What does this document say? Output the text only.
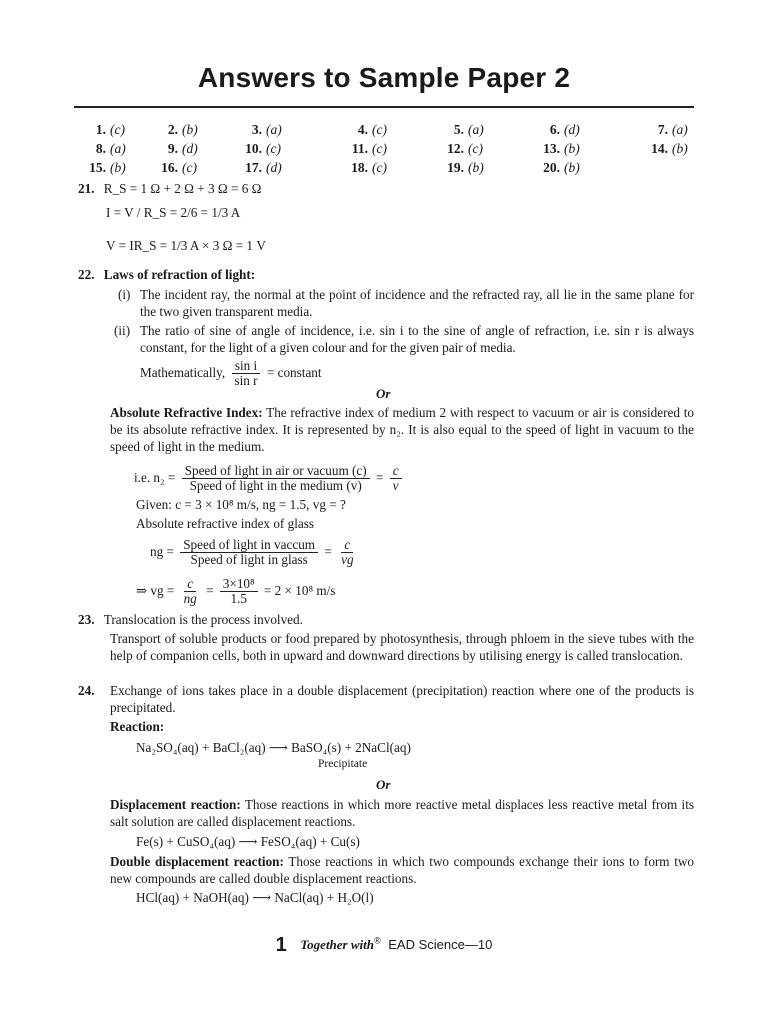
Answers to Sample Paper 2
1. (c)	2. (b)	3. (a)	4. (c)	5. (a)	6. (d)	7. (a)
8. (a)	9. (d)	10. (c)	11. (c)	12. (c)	13. (b)	14. (b)
15. (b)	16. (c)	17. (d)	18. (c)	19. (b)	20. (b)
21. R_S = 1 Ω + 2 Ω + 3 Ω = 6 Ω
I = V / R_S = 2/6 = 1/3 A
V = IR_S = 1/3 A × 3 Ω = 1 V
22. Laws of refraction of light:
(i) The incident ray, the normal at the point of incidence and the refracted ray, all lie in the same plane for the two given transparent media.
(ii) The ratio of sine of angle of incidence, i.e. sin i to the sine of angle of refraction, i.e. sin r is always constant, for the light of a given colour and for the given pair of media.
Mathematically, $\frac{\text{sin i}}{\text{sin r}}$ = constant
Or
Absolute Refractive Index: The refractive index of medium 2 with respect to vacuum or air is considered to be its absolute refractive index. It is represented by n₂. It is also equal to the speed of light in vacuum to the speed of light in the medium.
i.e. $n_2 = \frac{\text{Speed of light in air or vacuum (c)}}{\text{Speed of light in the medium (v)}} = \frac{c}{v}$
Given: c = 3 × 10⁸ m/s, ng = 1.5, vg = ?
Absolute refractive index of glass
ng = $\frac{\text{Speed of light in vaccum}}{\text{Speed of light in glass}} = \frac{c}{vg}$
⇒ vg = $\frac{c}{ng} = \frac{\text{3×10⁸}}{1.5} = 2 \times 10^8$ m/s
23. Translocation is the process involved.
Transport of soluble products or food prepared by photosynthesis, through phloem in the sieve tubes with the help of companion cells, both in upward and downward directions by utilising energy is called translocation.
24. Exchange of ions takes place in a double displacement (precipitation) reaction where one of the products is precipitated.
Reaction:
Na₂SO₄(aq) + BaCl₂(aq) ⟶ BaSO₄(s) + 2NaCl(aq)
Precipitate
Or
Displacement reaction: Those reactions in which more reactive metal displaces less reactive metal from its salt solution are called displacement reactions.
Fe(s) + CuSO₄(aq) ⟶ FeSO₄(aq) + Cu(s)
Double displacement reaction: Those reactions in which two compounds exchange their ions to form two new compounds are called double displacement reactions.
HCl(aq) + NaOH(aq) ⟶ NaCl(aq) + H₂O(l)
1 Together with® EAD Science—10
